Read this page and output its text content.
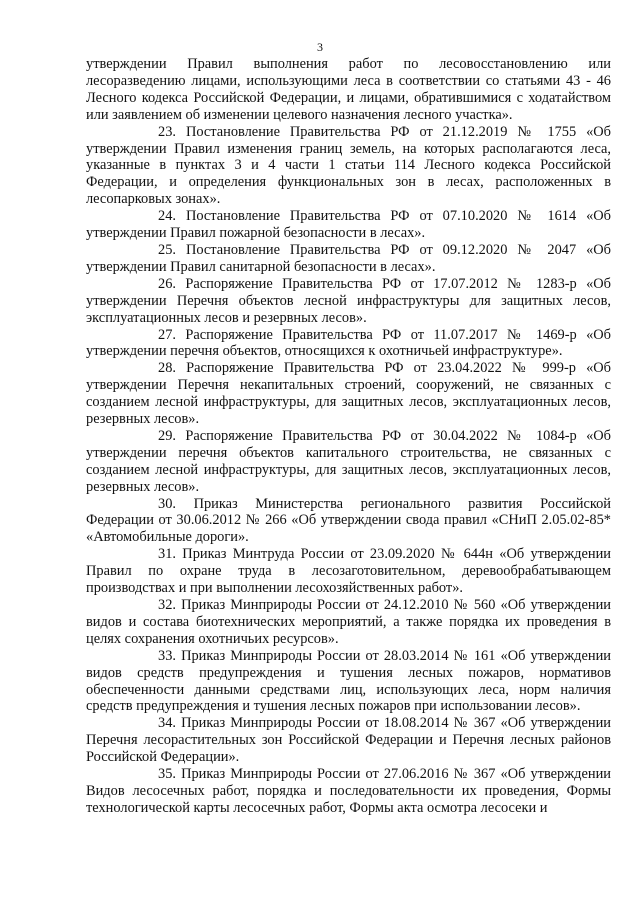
3

утверждении Правил выполнения работ по лесовосстановлению или лесоразведению лицами, использующими леса в соответствии со статьями 43 - 46 Лесного кодекса Российской Федерации, и лицами, обратившимися с ходатайством или заявлением об изменении целевого назначения лесного участка».

23. Постановление Правительства РФ от 21.12.2019 № 1755 «Об утверждении Правил изменения границ земель, на которых располагаются леса, указанные в пунктах 3 и 4 части 1 статьи 114 Лесного кодекса Российской Федерации, и определения функциональных зон в лесах, расположенных в лесопарковых зонах».

24. Постановление Правительства РФ от 07.10.2020 № 1614 «Об утверждении Правил пожарной безопасности в лесах».

25. Постановление Правительства РФ от 09.12.2020 № 2047 «Об утверждении Правил санитарной безопасности в лесах».

26. Распоряжение Правительства РФ от 17.07.2012 № 1283-р «Об утверждении Перечня объектов лесной инфраструктуры для защитных лесов, эксплуатационных лесов и резервных лесов».

27. Распоряжение Правительства РФ от 11.07.2017 № 1469-р «Об утверждении перечня объектов, относящихся к охотничьей инфраструктуре».

28. Распоряжение Правительства РФ от 23.04.2022 № 999-р «Об утверждении Перечня некапитальных строений, сооружений, не связанных с созданием лесной инфраструктуры, для защитных лесов, эксплуатационных лесов, резервных лесов».

29. Распоряжение Правительства РФ от 30.04.2022 № 1084-р «Об утверждении перечня объектов капитального строительства, не связанных с созданием лесной инфраструктуры, для защитных лесов, эксплуатационных лесов, резервных лесов».

30. Приказ Министерства регионального развития Российской Федерации от 30.06.2012 № 266 «Об утверждении свода правил «СНиП 2.05.02-85* «Автомобильные дороги».

31. Приказ Минтруда России от 23.09.2020 № 644н «Об утверждении Правил по охране труда в лесозаготовительном, деревообрабатывающем производствах и при выполнении лесохозяйственных работ».

32. Приказ Минприроды России от 24.12.2010 № 560 «Об утверждении видов и состава биотехнических мероприятий, а также порядка их проведения в целях сохранения охотничьих ресурсов».

33. Приказ Минприроды России от 28.03.2014 № 161 «Об утверждении видов средств предупреждения и тушения лесных пожаров, нормативов обеспеченности данными средствами лиц, использующих леса, норм наличия средств предупреждения и тушения лесных пожаров при использовании лесов».

34. Приказ Минприроды России от 18.08.2014 № 367 «Об утверждении Перечня лесорастительных зон Российской Федерации и Перечня лесных районов Российской Федерации».

35. Приказ Минприроды России от 27.06.2016 № 367 «Об утверждении Видов лесосечных работ, порядка и последовательности их проведения, Формы технологической карты лесосечных работ, Формы акта осмотра лесосеки и
